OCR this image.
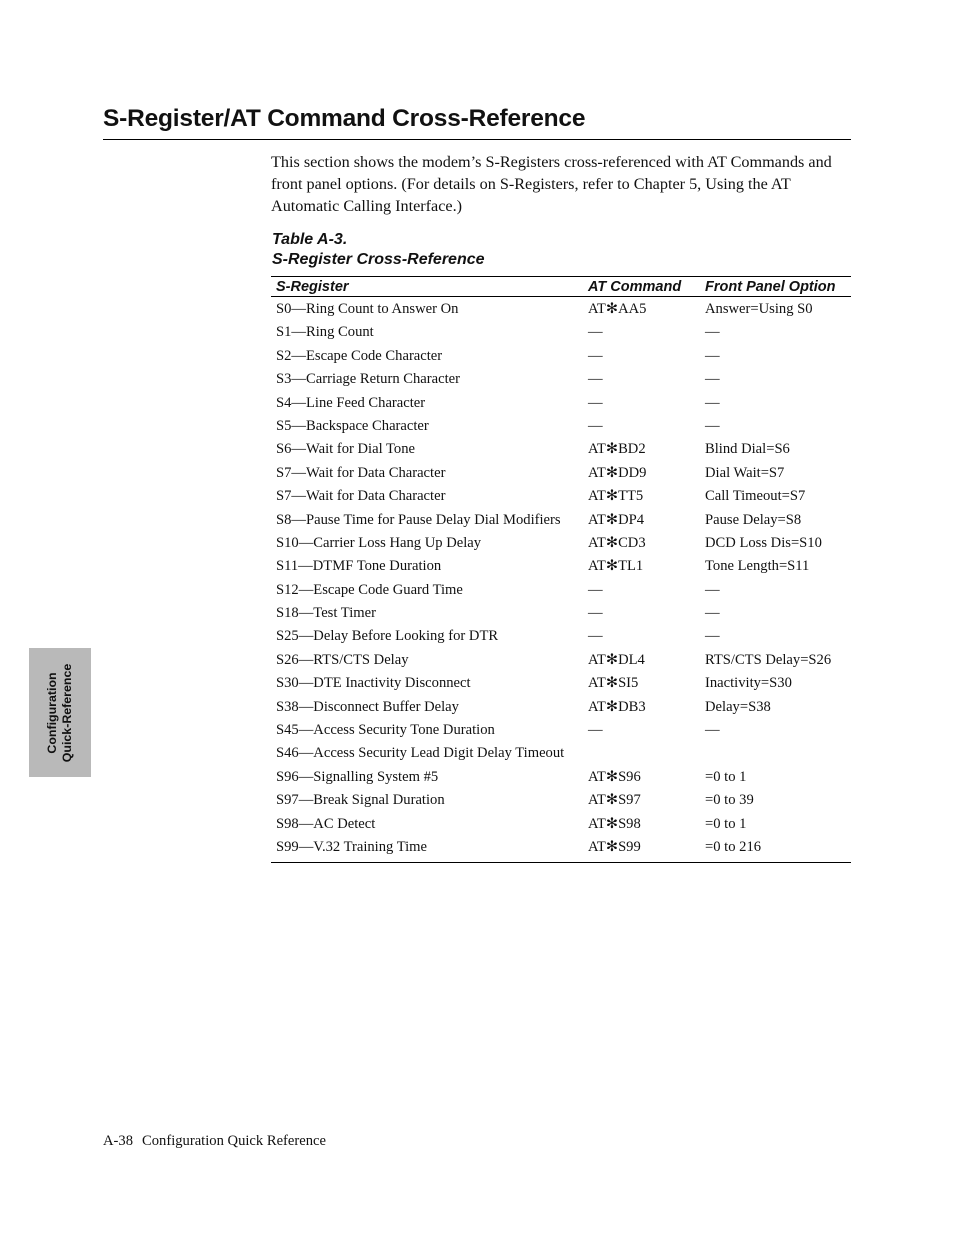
S-Register/AT Command Cross-Reference

This section shows the modem’s S-Registers cross-referenced with AT Commands and front panel options. (For details on S-Registers, refer to Chapter 5, Using the AT Automatic Calling Interface.)

Table A-3.
S-Register Cross-Reference
S-Register	AT Command	Front Panel Option

S0—Ring Count to Answer On	AT✻AA5	Answer=Using S0

S1—Ring Count	—	—

S2—Escape Code Character	—	—

S3—Carriage Return Character	—	—

S4—Line Feed Character	—	—

S5—Backspace Character	—	—

S6—Wait for Dial Tone	AT✻BD2	Blind Dial=S6

S7—Wait for Data Character	AT✻DD9	Dial Wait=S7

S7—Wait for Data Character	AT✻TT5	Call Timeout=S7

S8—Pause Time for Pause Delay Dial Modifiers	AT✻DP4	Pause Delay=S8

S10—Carrier Loss Hang Up Delay	AT✻CD3	DCD Loss Dis=S10

S11—DTMF Tone Duration	AT✻TL1	Tone Length=S11

S12—Escape Code Guard Time	—	—

S18—Test Timer	—	—

S25—Delay Before Looking for DTR	—	—

S26—RTS/CTS Delay	AT✻DL4	RTS/CTS Delay=S26

S30—DTE Inactivity Disconnect	AT✻SI5	Inactivity=S30

S38—Disconnect Buffer Delay	AT✻DB3	Delay=S38

S45—Access Security Tone Duration	—	—

S46—Access Security Lead Digit Delay Timeout		

S96—Signalling System #5	AT✻S96	=0 to 1

S97—Break Signal Duration	AT✻S97	=0 to 39

S98—AC Detect	AT✻S98	=0 to 1

S99—V.32 Training Time	AT✻S99	=0 to 216
Configuration Quick-Reference
A-38 Configuration Quick Reference
